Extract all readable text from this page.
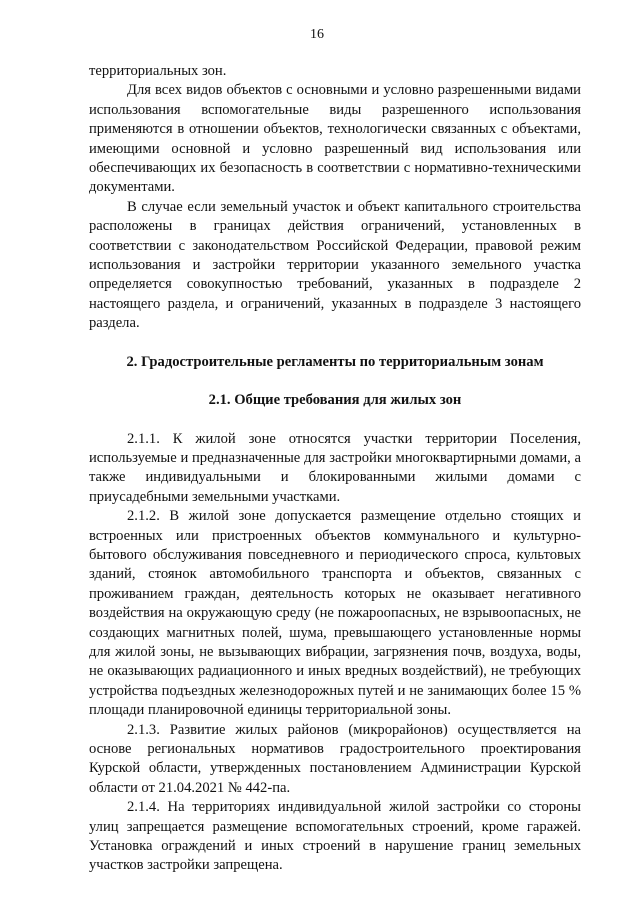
16

территориальных зон.

Для всех видов объектов с основными и условно разрешенными видами использования вспомогательные виды разрешенного использования применяются в отношении объектов, технологически связанных с объектами, имеющими основной и условно разрешенный вид использования или обеспечивающих их безопасность в соответствии с нормативно-техническими документами.

В случае если земельный участок и объект капитального строительства расположены в границах действия ограничений, установленных в соответствии с законодательством Российской Федерации, правовой режим использования и застройки территории указанного земельного участка определяется совокупностью требований, указанных в подразделе 2 настоящего раздела, и ограничений, указанных в подразделе 3 настоящего раздела.

2. Градостроительные регламенты по территориальным зонам

2.1. Общие требования для жилых зон

2.1.1. К жилой зоне относятся участки территории Поселения, используемые и предназначенные для застройки многоквартирными домами, а также индивидуальными и блокированными жилыми домами с приусадебными земельными участками.

2.1.2. В жилой зоне допускается размещение отдельно стоящих и встроенных или пристроенных объектов коммунального и культурно-бытового обслуживания повседневного и периодического спроса, культовых зданий, стоянок автомобильного транспорта и объектов, связанных с проживанием граждан, деятельность которых не оказывает негативного воздействия на окружающую среду (не пожароопасных, не взрывоопасных, не создающих магнитных полей, шума, превышающего установленные нормы для жилой зоны, не вызывающих вибрации, загрязнения почв, воздуха, воды, не оказывающих радиационного и иных вредных воздействий), не требующих устройства подъездных железнодорожных путей и не занимающих более 15 % площади планировочной единицы территориальной зоны.

2.1.3. Развитие жилых районов (микрорайонов) осуществляется на основе региональных нормативов градостроительного проектирования Курской области, утвержденных постановлением Администрации Курской области от 21.04.2021 № 442-па.

2.1.4. На территориях индивидуальной жилой застройки со стороны улиц запрещается размещение вспомогательных строений, кроме гаражей. Установка ограждений и иных строений в нарушение границ земельных участков застройки запрещена.
